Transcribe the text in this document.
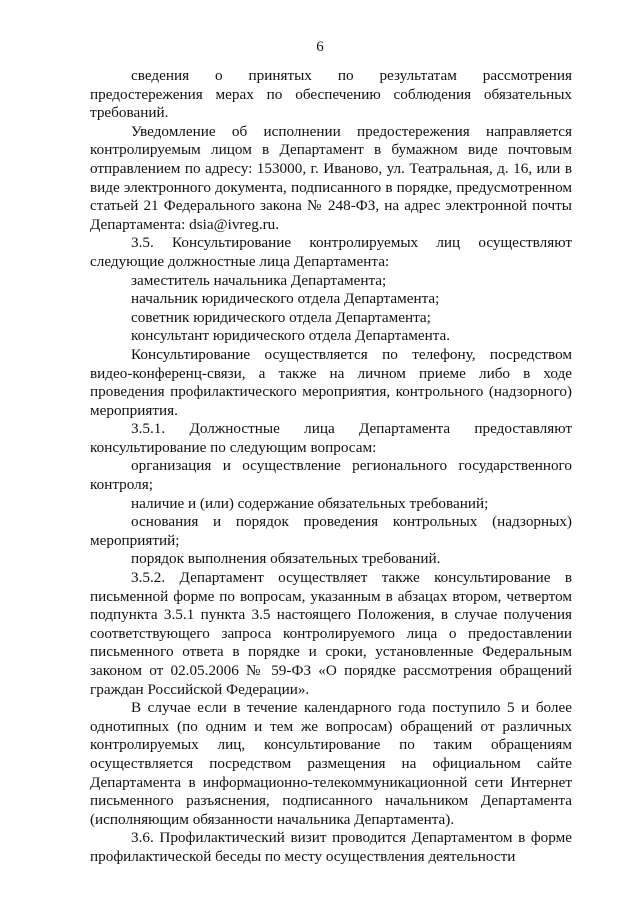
6

сведения о принятых по результатам рассмотрения предостережения мерах по обеспечению соблюдения обязательных требований.

Уведомление об исполнении предостережения направляется контролируемым лицом в Департамент в бумажном виде почтовым отправлением по адресу: 153000, г. Иваново, ул. Театральная, д. 16, или в виде электронного документа, подписанного в порядке, предусмотренном статьей 21 Федерального закона № 248-ФЗ, на адрес электронной почты Департамента: dsia@ivreg.ru.

3.5. Консультирование контролируемых лиц осуществляют следующие должностные лица Департамента:

заместитель начальника Департамента;

начальник юридического отдела Департамента;

советник юридического отдела Департамента;

консультант юридического отдела Департамента.

Консультирование осуществляется по телефону, посредством видео-конференц-связи, а также на личном приеме либо в ходе проведения профилактического мероприятия, контрольного (надзорного) мероприятия.

3.5.1. Должностные лица Департамента предоставляют консультирование по следующим вопросам:

организация и осуществление регионального государственного контроля;

наличие и (или) содержание обязательных требований;

основания и порядок проведения контрольных (надзорных) мероприятий;

порядок выполнения обязательных требований.

3.5.2. Департамент осуществляет также консультирование в письменной форме по вопросам, указанным в абзацах втором, четвертом подпункта 3.5.1 пункта 3.5 настоящего Положения, в случае получения соответствующего запроса контролируемого лица о предоставлении письменного ответа в порядке и сроки, установленные Федеральным законом от 02.05.2006 № 59-ФЗ «О порядке рассмотрения обращений граждан Российской Федерации».

В случае если в течение календарного года поступило 5 и более однотипных (по одним и тем же вопросам) обращений от различных контролируемых лиц, консультирование по таким обращениям осуществляется посредством размещения на официальном сайте Департамента в информационно-телекоммуникационной сети Интернет письменного разъяснения, подписанного начальником Департамента (исполняющим обязанности начальника Департамента).

3.6. Профилактический визит проводится Департаментом в форме профилактической беседы по месту осуществления деятельности
